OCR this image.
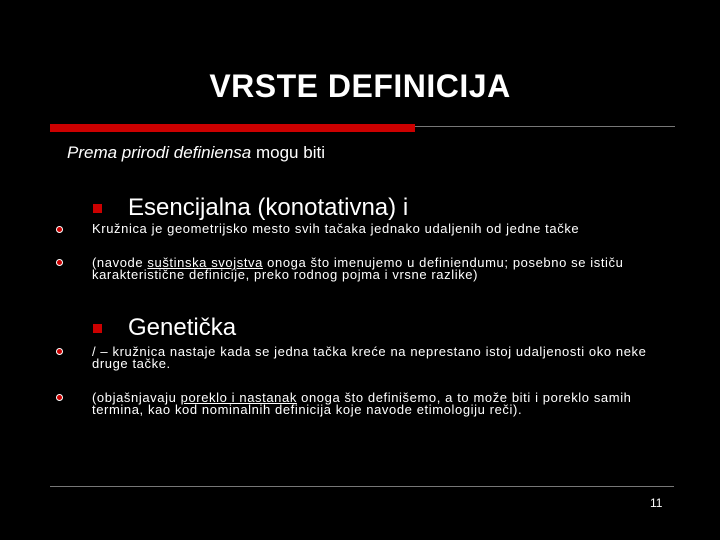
VRSTE DEFINICIJA
Prema prirodi definiensa mogu biti
Esencijalna (konotativna) i
Kružnica je geometrijsko mesto svih tačaka jednako udaljenih od jedne tačke
(navode suštinska svojstva onoga što imenujemo u definiendumu; posebno se ističu karakteristične definicije, preko rodnog pojma i vrsne razlike)
Genetička
/ – kružnica nastaje kada se jedna tačka kreće na neprestano istoj udaljenosti oko neke druge tačke.
(objašnjavaju poreklo i nastanak onoga što definišemo, a to može biti i poreklo samih termina, kao kod nominalnih definicija koje navode etimologiju reči).
11
